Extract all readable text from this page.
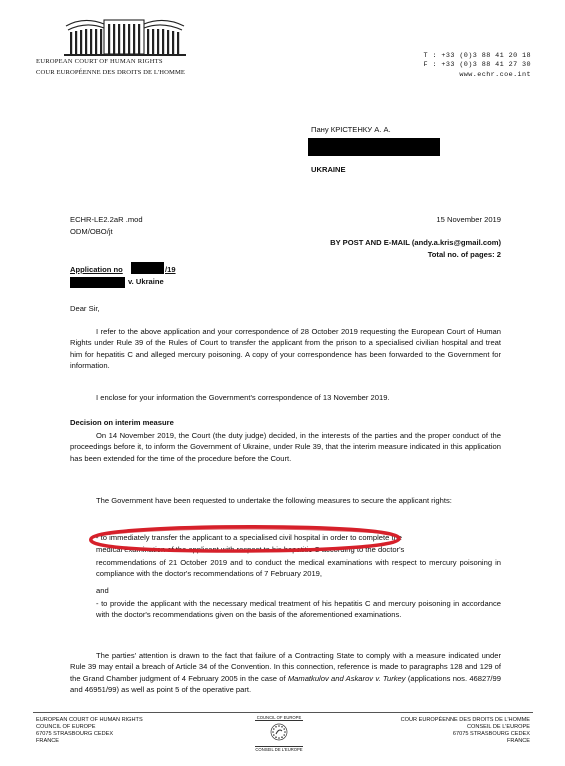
EUROPEAN COURT OF HUMAN RIGHTS
COUR EUROPÉENNE DES DROITS DE L'HOMME
T : +33 (0)3 88 41 20 18
F : +33 (0)3 88 41 27 30
www.echr.coe.int
Пану КРІСТЕНКУ А. А.
UKRAINE
ECHR-LE2.2aR .mod
ODM/OBO/jt
15 November 2019
BY POST AND E-MAIL (andy.a.kris@gmail.com)
Total no. of pages: 2
Application no	/19
v. Ukraine
Dear Sir,

I refer to the above application and your correspondence of 28 October 2019 requesting the European Court of Human Rights under Rule 39 of the Rules of Court to transfer the applicant from the prison to a specialised civilian hospital and treat him for hepatitis C and alleged mercury poisoning. A copy of your correspondence has been forwarded to the Government for information.

I enclose for your information the Government's correspondence of 13 November 2019.

Decision on interim measure

On 14 November 2019, the Court (the duty judge) decided, in the interests of the parties and the proper conduct of the proceedings before it, to inform the Government of Ukraine, under Rule 39, that the interim measure indicated in this application has been extended for the time of the procedure before the Court.

The Government have been requested to undertake the following measures to secure the applicant rights:

- to immediately transfer the applicant to a specialised civil hospital in order to complete the
medical examination of the applicant with respect to his hepatitis C according to the doctor's

recommendations of 21 October 2019 and to conduct the medical examinations with respect to mercury poisoning in compliance with the doctor's recommendations of 7 February 2019,

and

- to provide the applicant with the necessary medical treatment of his hepatitis C and mercury poisoning in accordance with the doctor's recommendations given on the basis of the aforementioned examinations.

The parties' attention is drawn to the fact that failure of a Contracting State to comply with a measure indicated under Rule 39 may entail a breach of Article 34 of the Convention. In this connection, reference is made to paragraphs 128 and 129 of the Grand Chamber judgment of 4 February 2005 in the case of Mamatkulov and Askarov v. Turkey (applications nos. 46827/99 and 46951/99) as well as point 5 of the operative part.

EUROPEAN COURT OF HUMAN RIGHTS
COUNCIL OF EUROPE
67075 STRASBOURG CEDEX
FRANCE
COUNCIL OF EUROPE
CONSEIL DE L'EUROPE
COUR EUROPÉENNE DES DROITS DE L'HOMME
CONSEIL DE L'EUROPE
67075 STRASBOURG CEDEX
FRANCE
